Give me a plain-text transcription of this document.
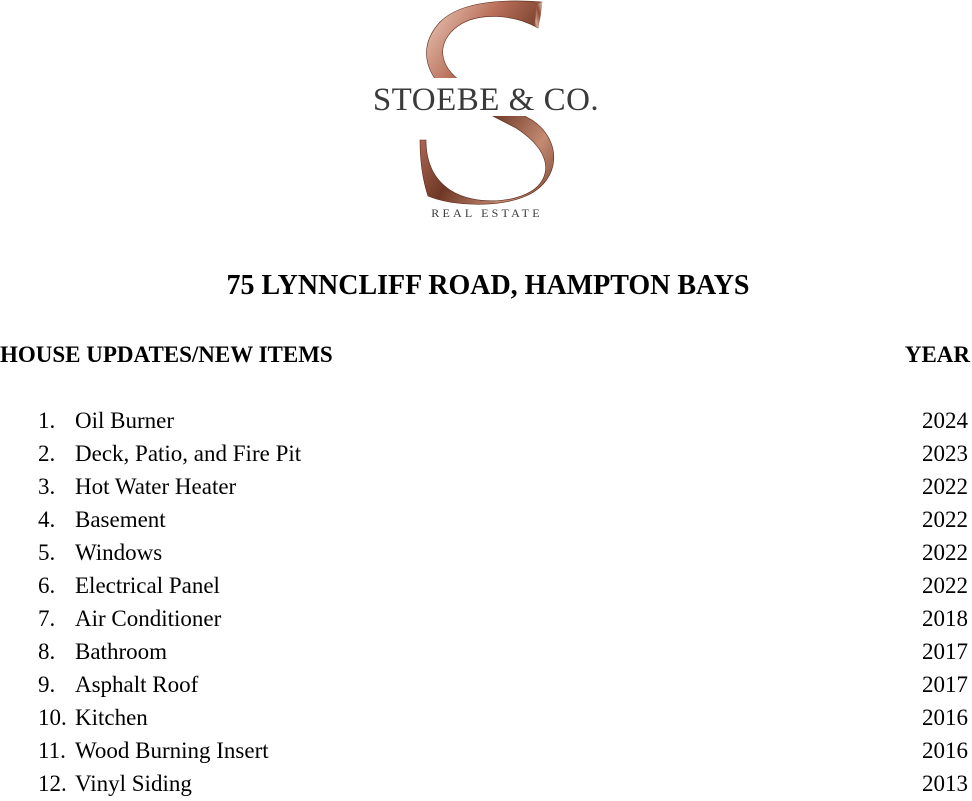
STOEBE & CO.
REAL ESTATE
75 LYNNCLIFF ROAD, HAMPTON BAYS
HOUSE UPDATES/NEW ITEMS	YEAR
1. Oil Burner	2024
2. Deck, Patio, and Fire Pit	2023
3. Hot Water Heater	2022
4. Basement	2022
5. Windows	2022
6. Electrical Panel	2022
7. Air Conditioner	2018
8. Bathroom	2017
9. Asphalt Roof	2017
10. Kitchen	2016
11. Wood Burning Insert	2016
12. Vinyl Siding	2013
